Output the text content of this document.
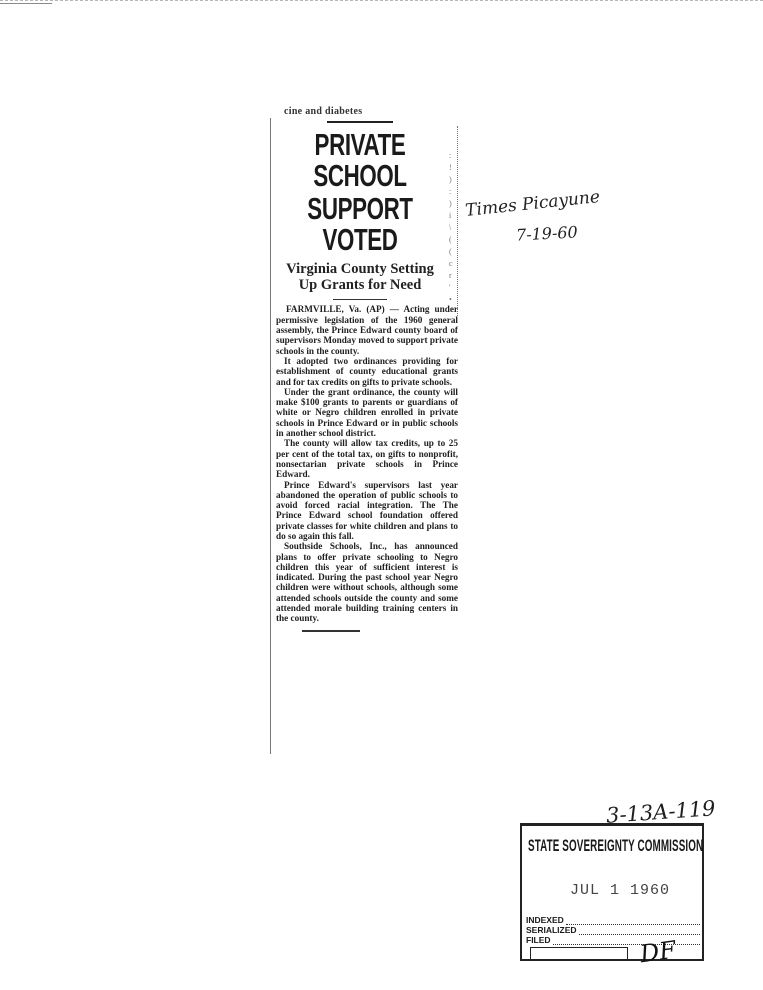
cine and diabetes
PRIVATE SCHOOL
SUPPORT VOTED
Virginia County Setting
Up Grants for Need

FARMVILLE, Va. (AP) — Acting under permissive legislation of the 1960 general assembly, the Prince Edward county board of supervisors Monday moved to support private schools in the county.

It adopted two ordinances providing for establishment of county educational grants and for tax credits on gifts to private schools.

Under the grant ordinance, the county will make $100 grants to parents or guardians of white or Negro children enrolled in private schools in Prince Edward or in public schools in another school district.

The county will allow tax credits, up to 25 per cent of the total tax, on gifts to nonprofit, nonsectarian private schools in Prince Edward.

Prince Edward's supervisors last year abandoned the operation of public schools to avoid forced racial integration. The The Prince Edward school foundation offered private classes for white children and plans to do so again this fall.

Southside Schools, Inc., has announced plans to offer private schooling to Negro children this year of sufficient interest is indicated. During the past school year Negro children were without schools, although some attended schools outside the county and some attended morale building training centers in the county.

:
!
)
:
)
i
\
(
(
c
r
'
•
Times Picayune
7-19-60
3-13A-119
STATE SOVEREIGNTY COMMISSION
JUL 1 1960
INDEXED
SERIALIZED
FILED	DF
